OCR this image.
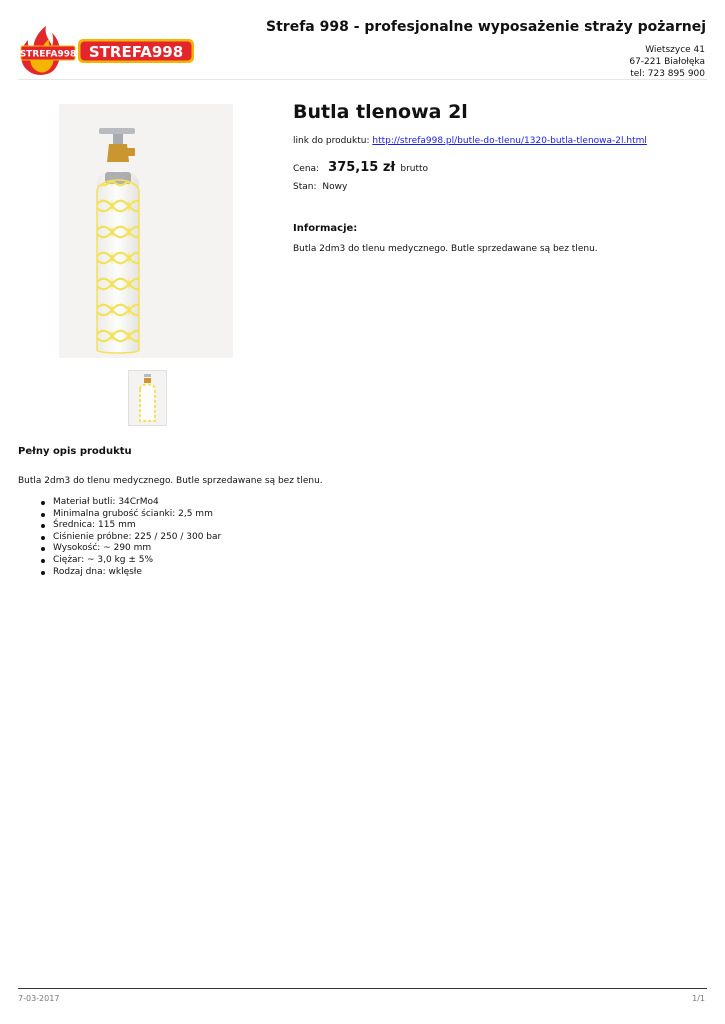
Strefa 998 - profesjonalne wyposażenie straży pożarnej
STREFA998 STREFA998	Wietszyce 41
67-221 Białołęka
tel: 723 895 900
Butla tlenowa 2l
link do produktu: http://strefa998.pl/butle-do-tlenu/1320-butla-tlenowa-2l.html
Cena: 375,15 zł brutto
Stan: Nowy
Informacje:
Butla 2dm3 do tlenu medycznego. Butle sprzedawane są bez tlenu.
Pełny opis produktu
Butla 2dm3 do tlenu medycznego. Butle sprzedawane są bez tlenu.
Materiał butli: 34CrMo4
Minimalna grubość ścianki: 2,5 mm
Średnica: 115 mm
Ciśnienie próbne: 225 / 250 / 300 bar
Wysokość: ~ 290 mm
Ciężar: ~ 3,0 kg ± 5%
Rodzaj dna: wklęsłe
7-03-2017	1/1
